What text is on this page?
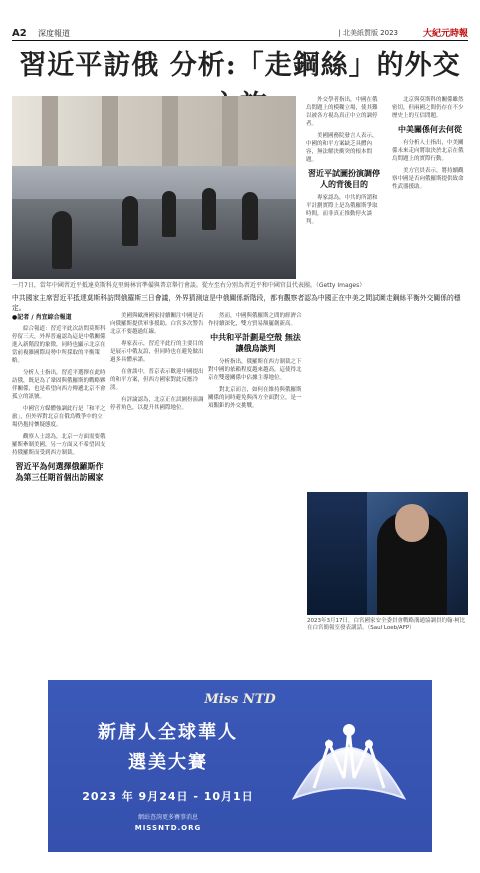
A2 深度報道	| 北美紙質版 2023	大紀元時報
習近平訪俄 分析:「走鋼絲」的外交
一月7日，當年中國習近平抵達莫斯科克里姆林宮準備與普京舉行會談。從左至右分別為習近平和中國官員代表團。（Getty Images）
中共國家主席習近平抵達莫斯科訪問俄羅斯三日會議，外界猜測這是中俄關係新階段，都有觀察者認為中國正在中美之間試圖走鋼絲平衡外交關係的穩定。
●記者 / 肖宜綜合報道

綜合報道：習近平此次訪問莫斯科停留三天，外界普遍認為這是中俄關係進入新階段的象徵，同時也顯示北京在當前複雜國際局勢中所採取的平衡策略。

分析人士指出，習近平選擇在此時訪俄，既是為了鞏固與俄羅斯的戰略夥伴關係，也是希望向西方傳遞北京不會孤立的訊號。

中國官方媒體強調此行是「和平之旅」，但外界對北京在俄烏戰爭中的立場仍抱持懷疑態度。

觀察人士認為，北京一方面需要俄羅斯牽制美國，另一方面又不希望因支持俄羅斯而受到西方制裁。

習近平為何選擇俄羅斯作為第三任期首個出訪國家

美國與歐洲國家持續關注中國是否向俄羅斯提供軍事援助，白宮多次警告北京不要越過紅線。

專家表示，習近平此行的主要目的是展示中俄友誼，但同時也在避免做出過多具體承諾。

在會談中，普京表示歡迎中國提出的和平方案，但西方國家對此反應冷淡。

有評論認為，北京正在試圖扮演調停者角色，以提升其國際地位。

然而，中國與俄羅斯之間的經濟合作持續深化，雙方貿易額屢創新高。

中共和平計劃是空殼 無法讓俄烏談判

分析指出，俄羅斯在西方制裁之下對中國的依賴程度越來越高，這使得北京在雙邊關係中佔據主導地位。

對北京而言，如何在維持與俄羅斯關係的同時避免與西方全面對立，是一項艱鉅的外交挑戰。

外交學者指出，中國在俄烏問題上的模糊立場，使其難以被各方視為真正中立的調停者。

美國國務院發言人表示，中國的和平方案缺乏具體內容，無法解決衝突的根本問題。

習近平試圖扮演調停人的背後目的

專家認為，中共的所謂和平計劃實際上是為俄羅斯爭取時間，而非真正推動停火談判。

北京與莫斯科的關係雖然密切，但兩國之間仍存在不少歷史上的互信問題。

中美關係何去何從

有分析人士指出，中美關係未來走向將取決於北京在俄烏問題上的實際行動。

美方官員表示，將持續觀察中國是否向俄羅斯提供致命性武器援助。

2023年3月17日，白宮國家安全委員會戰略溝通協調員約翰·柯比在白宮簡報室發表講話。（Saul Loeb/AFP）
Miss NTD
新唐人全球華人
選美大賽
2023 年 9月24日 - 10月1日
網站查詢更多賽事消息
MISSNTD.ORG
